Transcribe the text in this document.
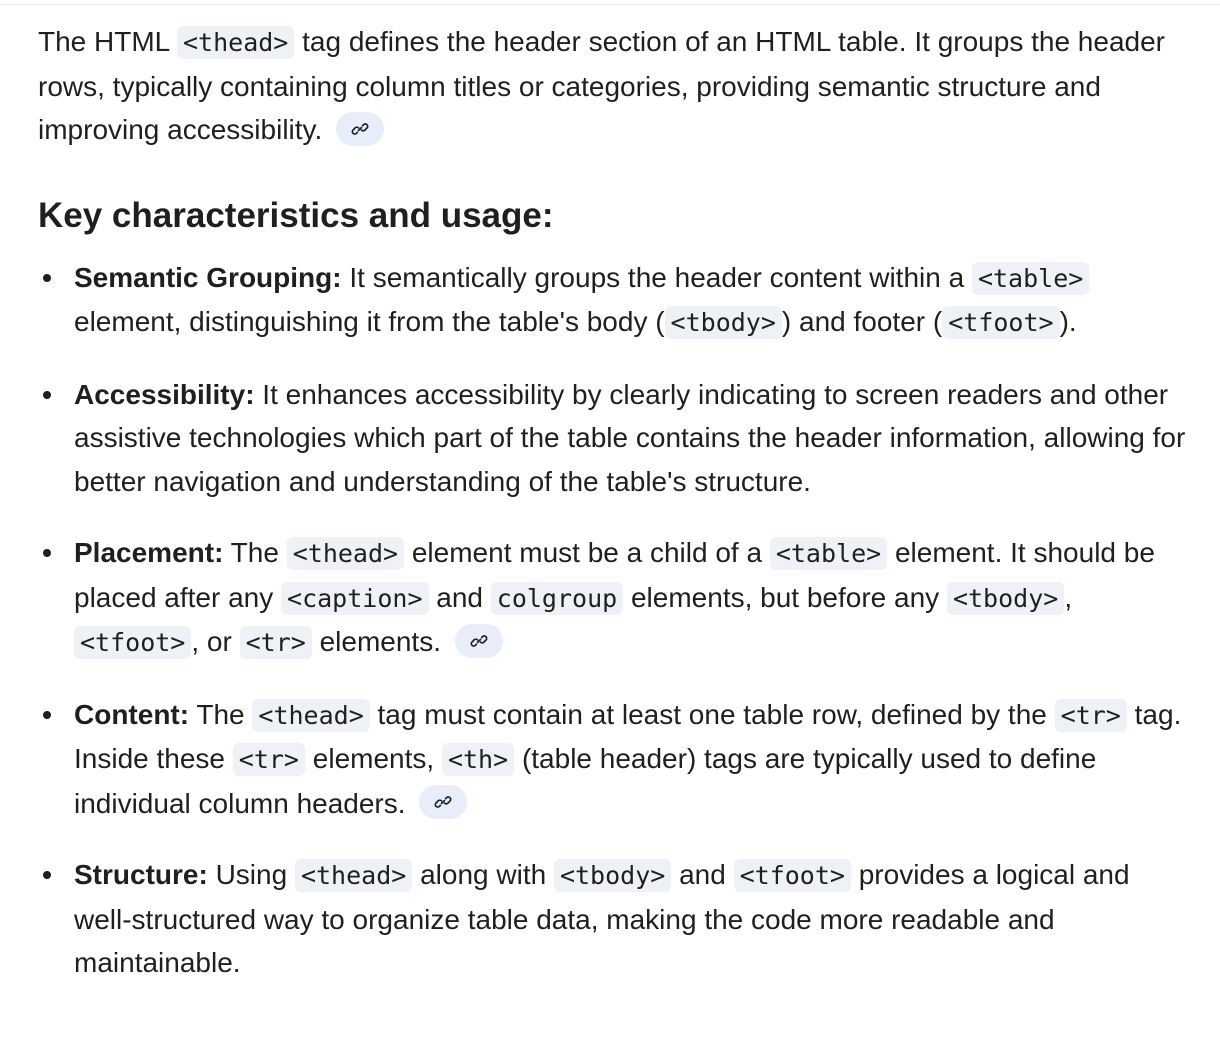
The HTML <thead> tag defines the header section of an HTML table. It groups the header rows, typically containing column titles or categories, providing semantic structure and improving accessibility.

Key characteristics and usage:
Semantic Grouping: It semantically groups the header content within a <table> element, distinguishing it from the table's body ( <tbody> ) and footer ( <tfoot> ).
Accessibility: It enhances accessibility by clearly indicating to screen readers and other assistive technologies which part of the table contains the header information, allowing for better navigation and understanding of the table's structure.
Placement: The <thead> element must be a child of a <table> element. It should be placed after any <caption> and colgroup elements, but before any <tbody> , <tfoot> , or <tr> elements.
Content: The <thead> tag must contain at least one table row, defined by the <tr> tag. Inside these <tr> elements, <th> (table header) tags are typically used to define individual column headers.
Structure: Using <thead> along with <tbody> and <tfoot> provides a logical and well-structured way to organize table data, making the code more readable and maintainable.
